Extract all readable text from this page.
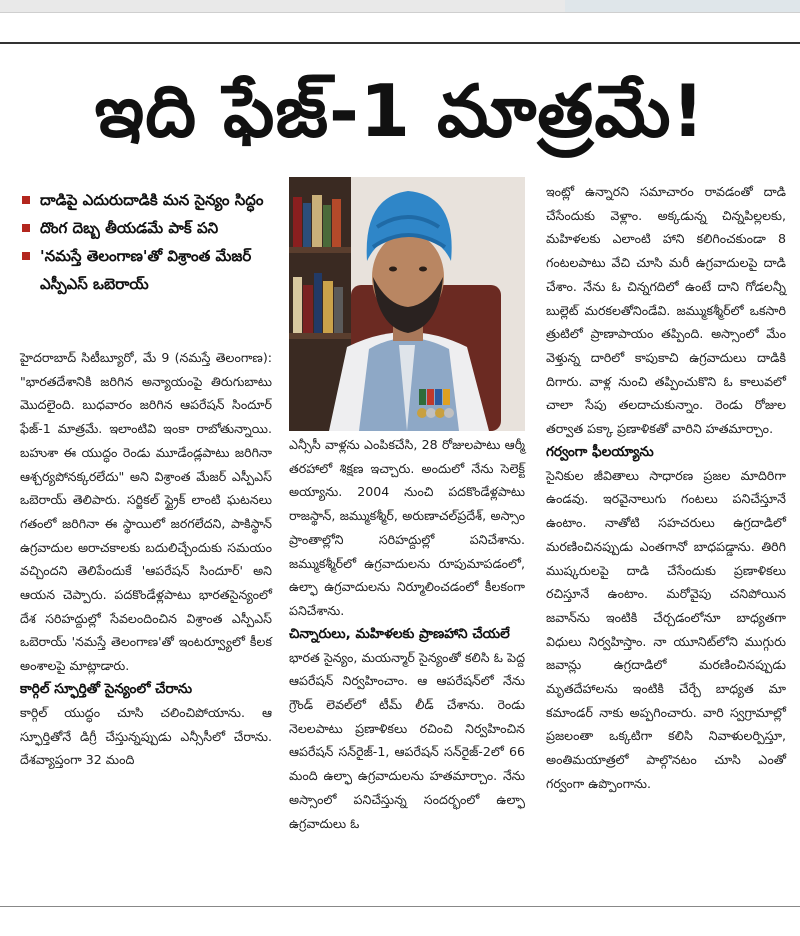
ఇది ఫేజ్-1 మాత్రమే!
దాడిపై ఎదురుదాడికి మన సైన్యం సిద్ధం
దొంగ దెబ్బ తీయడమే పాక్ పని
'నమస్తే తెలంగాణ'తో విశ్రాంత మేజర్ ఎస్పీఎస్ ఒబెరాయ్

హైదరాబాద్ సిటీబ్యూరో, మే 9 (నమస్తే తెలంగాణ): "భారతదేశానికి జరిగిన అన్యాయంపై తిరుగుబాటు మొదలైంది. బుధవారం జరిగిన ఆపరేషన్ సిందూర్ ఫేజ్-1 మాత్రమే. ఇలాంటివి ఇంకా రాబోతున్నాయి. బహుశా ఈ యుద్ధం రెండు మూడేండ్లపాటు జరిగినా ఆశ్చర్యపోనక్కరలేదు" అని విశ్రాంత మేజర్ ఎస్పీఎస్ ఒబెరాయ్ తెలిపారు. సర్జికల్ స్ట్రైక్ లాంటి ఘటనలు గతంలో జరిగినా ఈ స్థాయిలో జరగలేదని, పాకిస్థాన్ ఉగ్రవాదుల అరాచకాలకు బదులిచ్చేందుకు సమయం వచ్చిందని తెలిపేందుకే 'ఆపరేషన్ సిందూర్' అని ఆయన చెప్పారు. పదకొండేళ్లపాటు భారతసైన్యంలో దేశ సరిహద్దుల్లో సేవలందించిన విశ్రాంత ఎస్పీఎస్ ఒబెరాయ్ 'నమస్తే తెలంగాణ'తో ఇంటర్వ్యూలో కీలక అంశాలపై మాట్లాడారు.

కార్గిల్ స్ఫూర్తితో సైన్యంలో చేరాను

కార్గిల్ యుద్ధం చూసి చలించిపోయాను. ఆ స్ఫూర్తితోనే డిగ్రీ చేస్తున్నప్పుడు ఎన్సీసీలో చేరాను. దేశవ్యాప్తంగా 32 మంది

ఎన్సీసీ వాళ్లను ఎంపికచేసి, 28 రోజులపాటు ఆర్మీ తరహాలో శిక్షణ ఇచ్చారు. అందులో నేను సెలెక్ట్ అయ్యాను. 2004 నుంచి పదకొండేళ్లపాటు రాజస్థాన్, జమ్ముకశ్మీర్, అరుణాచల్‌ప్రదేశ్, అస్సాం ప్రాంతాల్లోని సరిహద్దుల్లో పనిచేశాను. జమ్ముకశ్మీర్‌లో ఉగ్రవాదులను రూపుమాపడంలో, ఉల్ఫా ఉగ్రవాదులను నిర్మూలించడంలో కీలకంగా పనిచేశాను.

చిన్నారులు, మహిళలకు ప్రాణహాని చేయలే

భారత సైన్యం, మయన్మార్ సైన్యంతో కలిసి ఓ పెద్ద ఆపరేషన్ నిర్వహించాం. ఆ ఆపరేషన్‌లో నేను గ్రౌండ్ లెవల్‌లో టీమ్ లీడ్ చేశాను. రెండు నెలలపాటు ప్రణాళికలు రచించి నిర్వహించిన ఆపరేషన్ సన్‌రైజ్-1, ఆపరేషన్ సన్‌రైజ్-2లో 66 మంది ఉల్ఫా ఉగ్రవాదులను హతమార్చాం. నేను అస్సాంలో పనిచేస్తున్న సందర్భంలో ఉల్ఫా ఉగ్రవాదులు ఓ

ఇంట్లో ఉన్నారని సమాచారం రావడంతో దాడి చేసేందుకు వెళ్లాం. అక్కడున్న చిన్నపిల్లలకు, మహిళలకు ఎలాంటి హాని కలిగించకుండా 8 గంటలపాటు వేచి చూసి మరీ ఉగ్రవాదులపై దాడి చేశాం. నేను ఓ చిన్నగదిలో ఉంటే దాని గోడలన్నీ బుల్లెట్ మరకలతోనిండేవి. జమ్ముకశ్మీర్‌లో ఒకసారి త్రుటిలో ప్రాణాపాయం తప్పింది. అస్సాంలో మేం వెళ్తున్న దారిలో కాపుకాచి ఉగ్రవాదులు దాడికి దిగారు. వాళ్ల నుంచి తప్పించుకొని ఓ కాలువలో చాలా సేపు తలదాచుకున్నాం. రెండు రోజుల తర్వాత పక్కా ప్రణాళికతో వారిని హతమార్చాం.

గర్వంగా ఫీలయ్యాను

సైనికుల జీవితాలు సాధారణ ప్రజల మాదిరిగా ఉండవు. ఇరవైనాలుగు గంటలు పనిచేస్తూనే ఉంటాం. నాతోటి సహచరులు ఉగ్రదాడిలో మరణించినప్పుడు ఎంతగానో బాధపడ్డాను. తిరిగి ముష్కరులపై దాడి చేసేందుకు ప్రణాళికలు రచిస్తూనే ఉంటాం. మరోవైపు చనిపోయిన జవాన్‌ను ఇంటికి చేర్చడంలోనూ బాధ్యతగా విధులు నిర్వహిస్తాం. నా యూనిట్‌లోని ముగ్గురు జవాన్లు ఉగ్రదాడిలో మరణించినప్పుడు మృతదేహాలను ఇంటికి చేర్చే బాధ్యత మా కమాండర్ నాకు అప్పగించారు. వారి స్వగ్రామాల్లో ప్రజలంతా ఒక్కటిగా కలిసి నివాళులర్పిస్తూ, అంతిమయాత్రలో పాల్గొనటం చూసి ఎంతో గర్వంగా ఉప్పొంగాను.
